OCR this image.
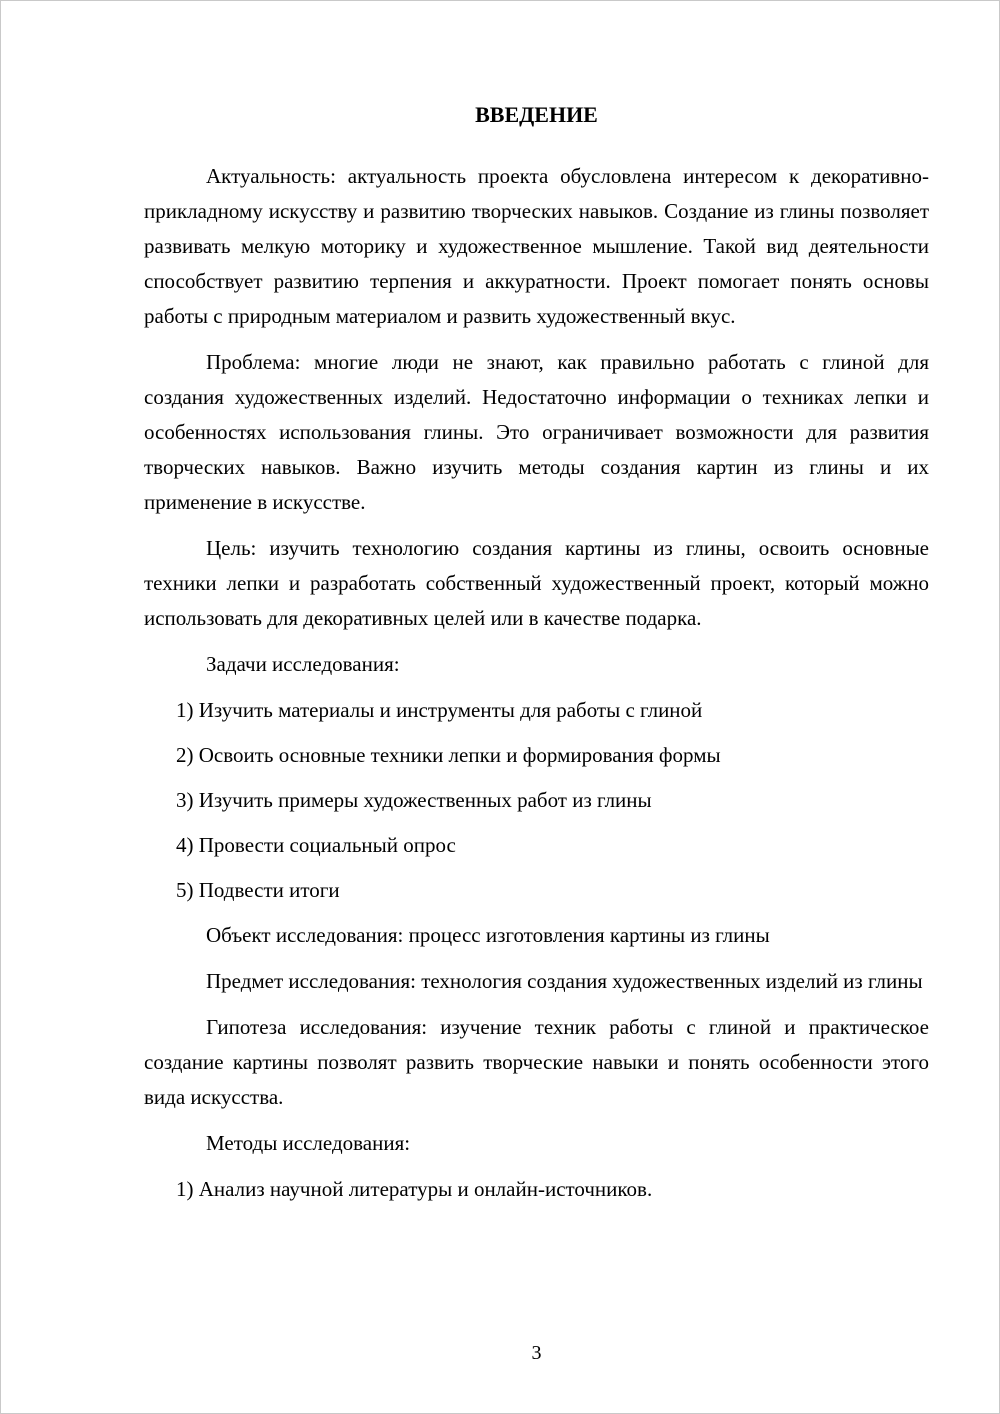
ВВЕДЕНИЕ

Актуальность: актуальность проекта обусловлена интересом к декоративно-прикладному искусству и развитию творческих навыков. Создание из глины позволяет развивать мелкую моторику и художественное мышление. Такой вид деятельности способствует развитию терпения и аккуратности. Проект помогает понять основы работы с природным материалом и развить художественный вкус.

Проблема: многие люди не знают, как правильно работать с глиной для создания художественных изделий. Недостаточно информации о техниках лепки и особенностях использования глины. Это ограничивает возможности для развития творческих навыков. Важно изучить методы создания картин из глины и их применение в искусстве.

Цель: изучить технологию создания картины из глины, освоить основные техники лепки и разработать собственный художественный проект, который можно использовать для декоративных целей или в качестве подарка.

Задачи исследования:

1) Изучить материалы и инструменты для работы с глиной

2) Освоить основные техники лепки и формирования формы

3) Изучить примеры художественных работ из глины

4) Провести социальный опрос

5) Подвести итоги

Объект исследования: процесс изготовления картины из глины

Предмет исследования: технология создания художественных изделий из глины

Гипотеза исследования: изучение техник работы с глиной и практическое создание картины позволят развить творческие навыки и понять особенности этого вида искусства.

Методы исследования:

1) Анализ научной литературы и онлайн-источников.

3
